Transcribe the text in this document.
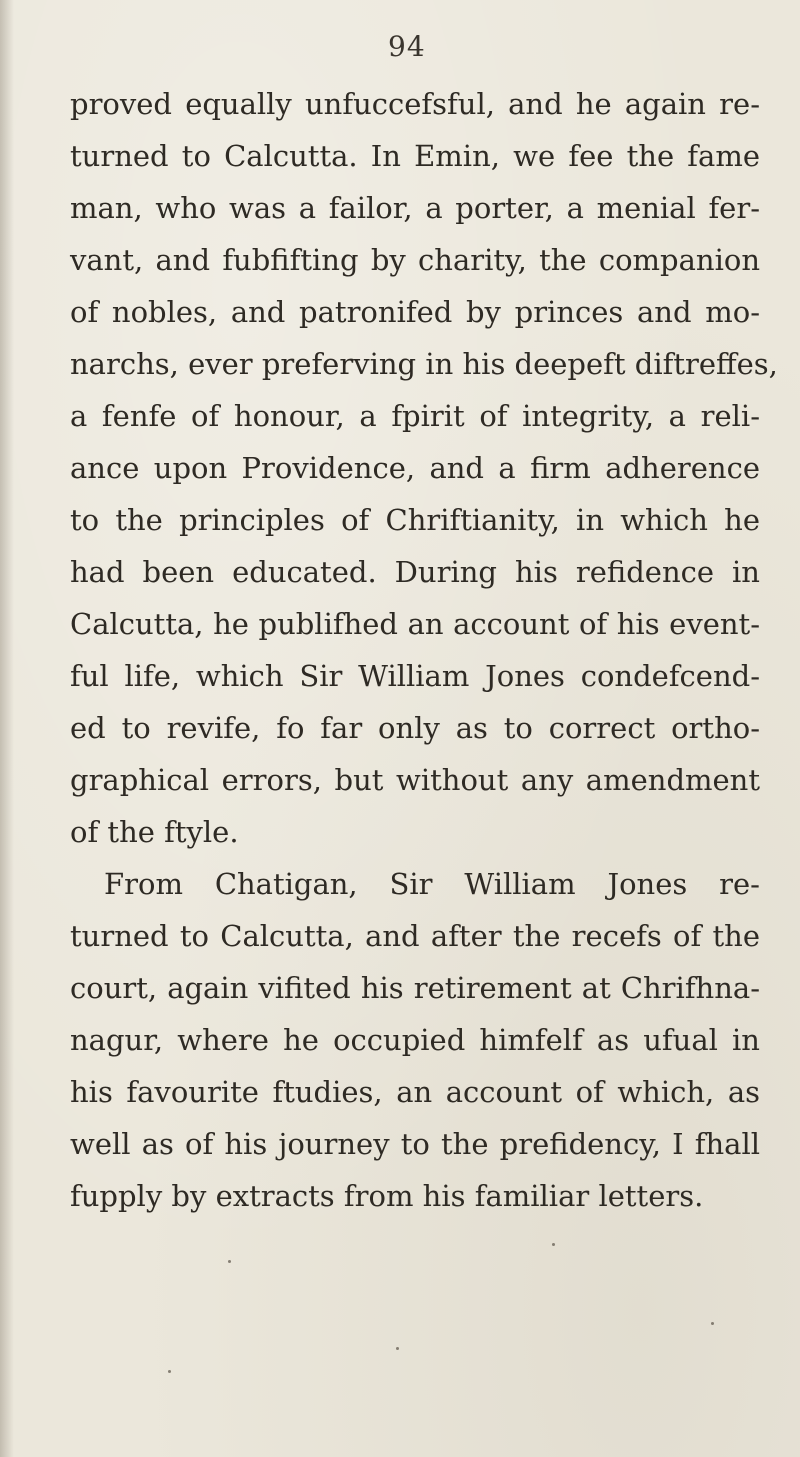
94
proved equally unfuccefsful, and he again re-
turned to Calcutta. In Emin, we fee the fame
man, who was a failor, a porter, a menial fer-
vant, and fubfifting by charity, the companion
of nobles, and patronifed by princes and mo-
narchs, ever preferving in his deepeft diftreffes,
a fenfe of honour, a fpirit of integrity, a reli-
ance upon Providence, and a firm adherence
to the principles of Chriftianity, in which he
had been educated. During his refidence in
Calcutta, he publifhed an account of his event-
ful life, which Sir William Jones condefcend-
ed to revife, fo far only as to correct ortho-
graphical errors, but without any amendment
of the ftyle.
From Chatigan, Sir William Jones re-
turned to Calcutta, and after the recefs of the
court, again vifited his retirement at Chrifhna-
nagur, where he occupied himfelf as ufual in
his favourite ftudies, an account of which, as
well as of his journey to the prefidency, I fhall
fupply by extracts from his familiar letters.
